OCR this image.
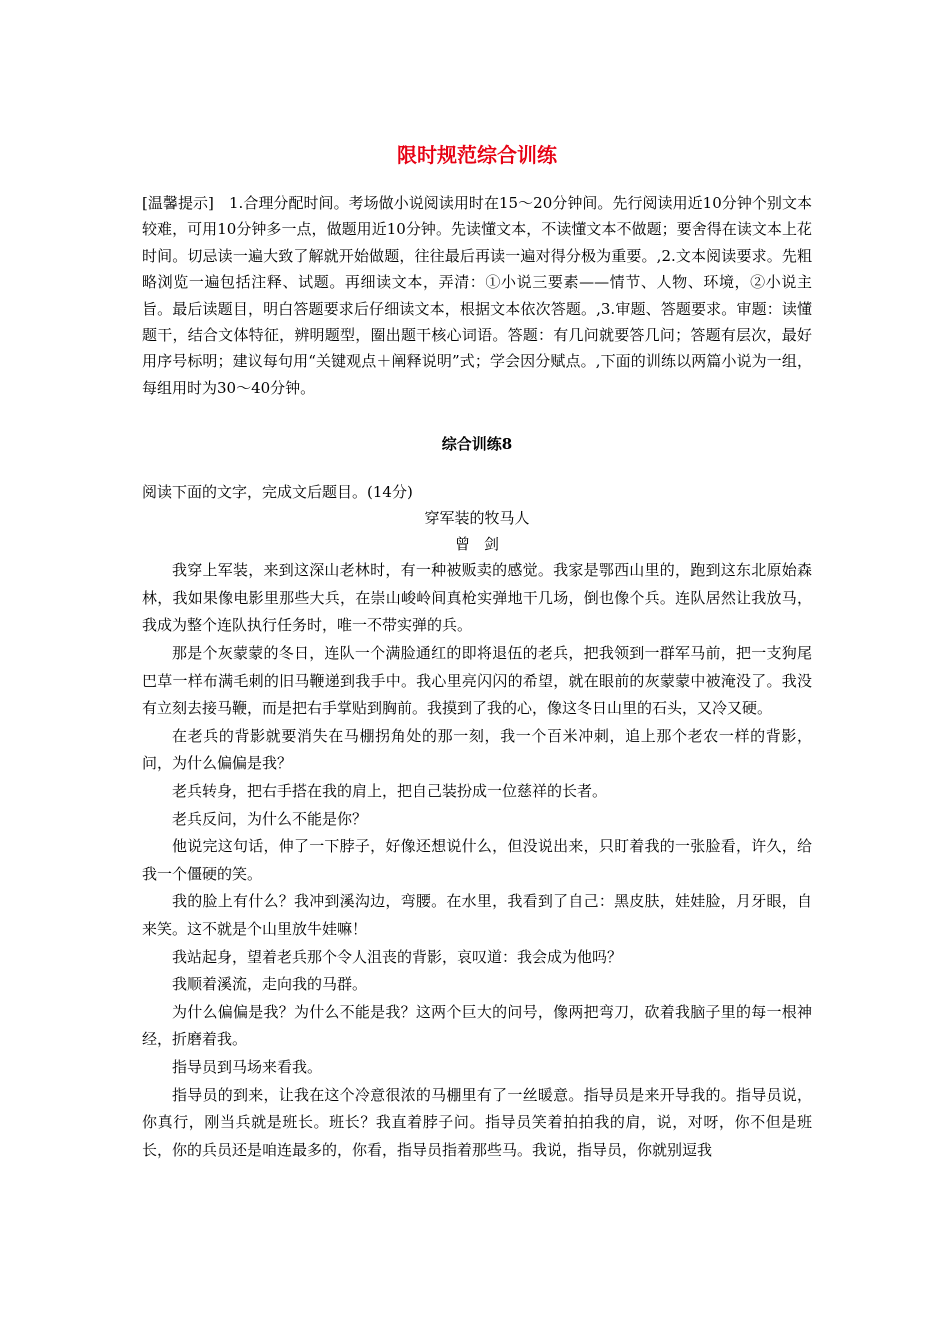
限时规范综合训练

[温馨提示]　1.合理分配时间。考场做小说阅读用时在15～20分钟间。先行阅读用近10分钟个别文本较难，可用10分钟多一点，做题用近10分钟。先读懂文本，不读懂文本不做题；要舍得在读文本上花时间。切忌读一遍大致了解就开始做题，往往最后再读一遍对得分极为重要。,2.文本阅读要求。先粗略浏览一遍包括注释、试题。再细读文本，弄清：①小说三要素——情节、人物、环境，②小说主旨。最后读题目，明白答题要求后仔细读文本，根据文本依次答题。,3.审题、答题要求。审题：读懂题干，结合文体特征，辨明题型，圈出题干核心词语。答题：有几问就要答几问；答题有层次，最好用序号标明；建议每句用“关键观点＋阐释说明”式；学会因分赋点。,下面的训练以两篇小说为一组，每组用时为30～40分钟。

综合训练8

阅读下面的文字，完成文后题目。(14分)

穿军装的牧马人

曾 剑

我穿上军装，来到这深山老林时，有一种被贩卖的感觉。我家是鄂西山里的，跑到这东北原始森林，我如果像电影里那些大兵，在崇山峻岭间真枪实弹地干几场，倒也像个兵。连队居然让我放马，我成为整个连队执行任务时，唯一不带实弹的兵。

那是个灰蒙蒙的冬日，连队一个满脸通红的即将退伍的老兵，把我领到一群军马前，把一支狗尾巴草一样布满毛刺的旧马鞭递到我手中。我心里亮闪闪的希望，就在眼前的灰蒙蒙中被淹没了。我没有立刻去接马鞭，而是把右手掌贴到胸前。我摸到了我的心，像这冬日山里的石头，又冷又硬。

在老兵的背影就要消失在马棚拐角处的那一刻，我一个百米冲刺，追上那个老农一样的背影，问，为什么偏偏是我？

老兵转身，把右手搭在我的肩上，把自己装扮成一位慈祥的长者。

老兵反问，为什么不能是你？

他说完这句话，伸了一下脖子，好像还想说什么，但没说出来，只盯着我的一张脸看，许久，给我一个僵硬的笑。

我的脸上有什么？我冲到溪沟边，弯腰。在水里，我看到了自己：黑皮肤，娃娃脸，月牙眼，自来笑。这不就是个山里放牛娃嘛！

我站起身，望着老兵那个令人沮丧的背影，哀叹道：我会成为他吗？

我顺着溪流，走向我的马群。

为什么偏偏是我？为什么不能是我？这两个巨大的问号，像两把弯刀，砍着我脑子里的每一根神经，折磨着我。

指导员到马场来看我。

指导员的到来，让我在这个冷意很浓的马棚里有了一丝暖意。指导员是来开导我的。指导员说，你真行，刚当兵就是班长。班长？我直着脖子问。指导员笑着拍拍我的肩，说，对呀，你不但是班长，你的兵员还是咱连最多的，你看，指导员指着那些马。我说，指导员，你就别逗我
